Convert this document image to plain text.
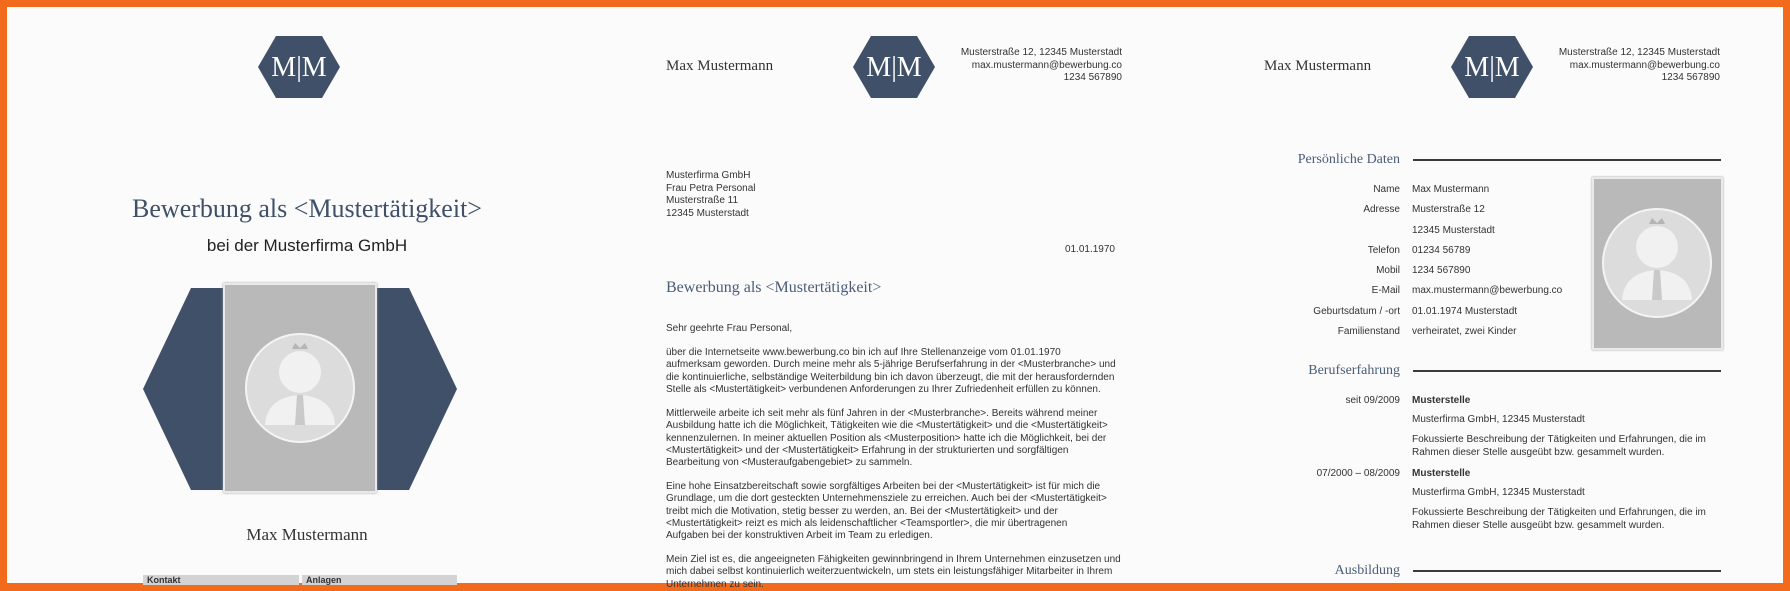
M|M
Bewerbung als <Mustertätigkeit>
bei der Musterfirma GmbH
Max Mustermann
Kontakt	Anlagen
Max Mustermann	M|M	Musterstraße 12, 12345 Musterstadt
max.mustermann@bewerbung.co
1234 567890
Musterfirma GmbH
Frau Petra Personal
Musterstraße 11
12345 Musterstadt
01.01.1970
Bewerbung als <Mustertätigkeit>
Sehr geehrte Frau Personal,
über die Internetseite www.bewerbung.co bin ich auf Ihre Stellenanzeige vom 01.01.1970
aufmerksam geworden. Durch meine mehr als 5-jährige Berufserfahrung in der <Musterbranche> und
die kontinuierliche, selbständige Weiterbildung bin ich davon überzeugt, die mit der herausfordernden
Stelle als <Mustertätigkeit> verbundenen Anforderungen zu Ihrer Zufriedenheit erfüllen zu können.
Mittlerweile arbeite ich seit mehr als fünf Jahren in der <Musterbranche>. Bereits während meiner
Ausbildung hatte ich die Möglichkeit, Tätigkeiten wie die <Mustertätigkeit> und die <Mustertätigkeit>
kennenzulernen. In meiner aktuellen Position als <Musterposition> hatte ich die Möglichkeit, bei der
<Mustertätigkeit> und der <Mustertätigkeit> Erfahrung in der strukturierten und sorgfältigen
Bearbeitung von <Musteraufgabengebiet> zu sammeln.
Eine hohe Einsatzbereitschaft sowie sorgfältiges Arbeiten bei der <Mustertätigkeit> ist für mich die
Grundlage, um die dort gesteckten Unternehmensziele zu erreichen. Auch bei der <Mustertätigkeit>
treibt mich die Motivation, stetig besser zu werden, an. Bei der <Mustertätigkeit> und der
<Mustertätigkeit> reizt es mich als leidenschaftlicher <Teamsportler>, die mir übertragenen
Aufgaben bei der konstruktiven Arbeit im Team zu erledigen.
Mein Ziel ist es, die angeeigneten Fähigkeiten gewinnbringend in Ihrem Unternehmen einzusetzen und
mich dabei selbst kontinuierlich weiterzuentwickeln, um stets ein leistungsfähiger Mitarbeiter in Ihrem
Unternehmen zu sein.
Max Mustermann	M|M	Musterstraße 12, 12345 Musterstadt
max.mustermann@bewerbung.co
1234 567890
Persönliche Daten
Name Max Mustermann
Adresse Musterstraße 12
12345 Musterstadt
Telefon 01234 56789
Mobil 1234 567890
E-Mail max.mustermann@bewerbung.co
Geburtsdatum / -ort 01.01.1974 Musterstadt
Familienstand verheiratet, zwei Kinder
Berufserfahrung
seit 09/2009 Musterstelle
Musterfirma GmbH, 12345 Musterstadt
Fokussierte Beschreibung der Tätigkeiten und Erfahrungen, die im
Rahmen dieser Stelle ausgeübt bzw. gesammelt wurden.
07/2000 – 08/2009 Musterstelle
Musterfirma GmbH, 12345 Musterstadt
Fokussierte Beschreibung der Tätigkeiten und Erfahrungen, die im
Rahmen dieser Stelle ausgeübt bzw. gesammelt wurden.
Ausbildung
